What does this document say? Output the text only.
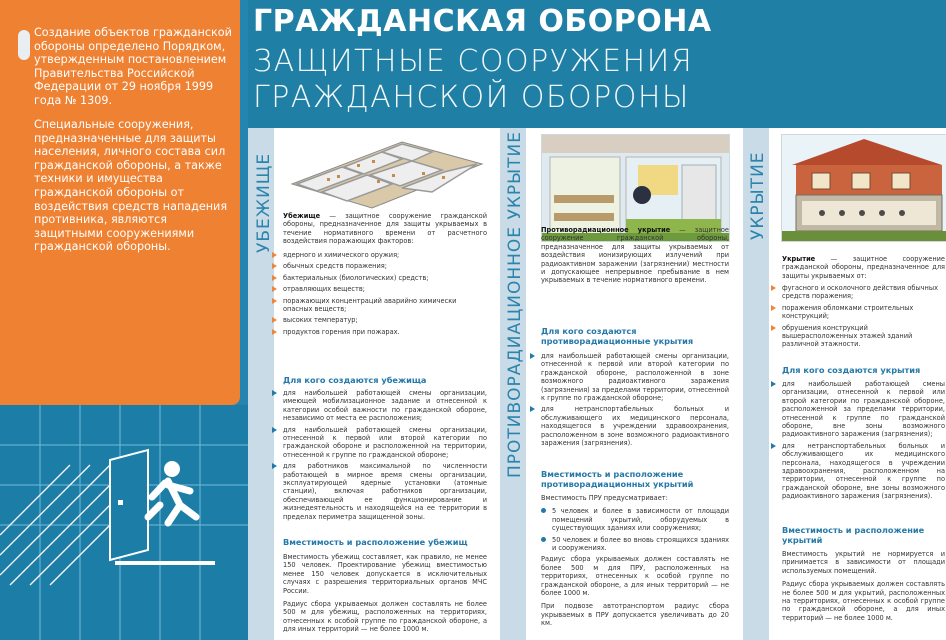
ГРАЖДАНСКАЯ ОБОРОНА
ЗАЩИТНЫЕ СООРУЖЕНИЯ ГРАЖДАНСКОЙ ОБОРОНЫ
Создание объектов гражданской обороны определено Порядком, утвержденным постановлением Правительства Российской Федерации от 29 ноября 1999 года № 1309.
Специальные сооружения, предназначенные для защиты населения, личного состава сил гражданской обороны, а также техники и имущества гражданской обороны от воздействия средств нападения противника, являются защитными сооружениями гражданской обороны.	УБЕЖИЩЕ	ПРОТИВОРАДИАЦИОННОЕ УКРЫТИЕ	УКРЫТИЕ

Убежище — защитное сооружение гражданской обороны, предназначенное для защиты укрываемых в течение нормативного времени от расчетного воздействия поражающих факторов:

ядерного и химического оружия;
обычных средств поражения;
бактериальных (биологических) средств;
отравляющих веществ;
поражающих концентраций аварийно химически опасных веществ;
высоких температур;
продуктов горения при пожарах.
Для кого создаются убежища
для наибольшей работающей смены организации, имеющей мобилизационное задание и отнесенной к категории особой важности по гражданской обороне, независимо от места ее расположения;
для наибольшей работающей смены организации, отнесенной к первой или второй категории по гражданской обороне и расположенной на территории, отнесенной к группе по гражданской обороне;
для работников максимальной по численности работающей в мирное время смены организации, эксплуатирующей ядерные установки (атомные станции), включая работников организации, обеспечивающей ее функционирование и жизнедеятельность и находящейся на ее территории в пределах периметра защищенной зоны.
Вместимость и расположение убежищ

Вместимость убежищ составляет, как правило, не менее 150 человек. Проектирование убежищ вместимостью менее 150 человек допускается в исключительных случаях с разрешения территориальных органов МЧС России.

Радиус сбора укрываемых должен составлять не более 500 м для убежищ, расположенных на территориях, отнесенных к особой группе по гражданской обороне, а для иных территорий — не более 1000 м.

Противорадиационное укрытие — защитное сооружение гражданской обороны, предназначенное для защиты укрываемых от воздействия ионизирующих излучений при радиоактивном заражении (загрязнении) местности и допускающее непрерывное пребывание в нем укрываемых в течение нормативного времени.

Для кого создаются противорадиационные укрытия
для наибольшей работающей смены организации, отнесенной к первой или второй категории по гражданской обороне, расположенной в зоне возможного радиоактивного заражения (загрязнения) за пределами территории, отнесенной к группе по гражданской обороне;
для нетранспортабельных больных и обслуживающего их медицинского персонала, находящегося в учреждении здравоохранения, расположенном в зоне возможного радиоактивного заражения (загрязнения).
Вместимость и расположение противорадиационных укрытий

Вместимость ПРУ предусматривает:

5 человек и более в зависимости от площади помещений укрытий, оборудуемых в существующих зданиях или сооружениях;
50 человек и более во вновь строящихся зданиях и сооружениях.

Радиус сбора укрываемых должен составлять не более 500 м для ПРУ, расположенных на территориях, отнесенных к особой группе по гражданской обороне, а для иных территорий — не более 1000 м.

При подвозе автотранспортом радиус сбора укрываемых в ПРУ допускается увеличивать до 20 км.

Укрытие — защитное сооружение гражданской обороны, предназначенное для защиты укрываемых от:

фугасного и осколочного действия обычных средств поражения;
поражения обломками строительных конструкций;
обрушения конструкций вышерасположенных этажей зданий различной этажности.
Для кого создаются укрытия
для наибольшей работающей смены организации, отнесенной к первой или второй категории по гражданской обороне, расположенной за пределами территории, отнесенной к группе по гражданской обороне, вне зоны возможного радиоактивного заражения (загрязнения);
для нетранспортабельных больных и обслуживающего их медицинского персонала, находящегося в учреждении здравоохранения, расположенном на территории, отнесенной к группе по гражданской обороне, вне зоны возможного радиоактивного заражения (загрязнения).
Вместимость и расположение укрытий

Вместимость укрытий не нормируется и принимается в зависимости от площади используемых помещений.

Радиус сбора укрываемых должен составлять не более 500 м для укрытий, расположенных на территориях, отнесенных к особой группе по гражданской обороне, а для иных территорий — не более 1000 м.
